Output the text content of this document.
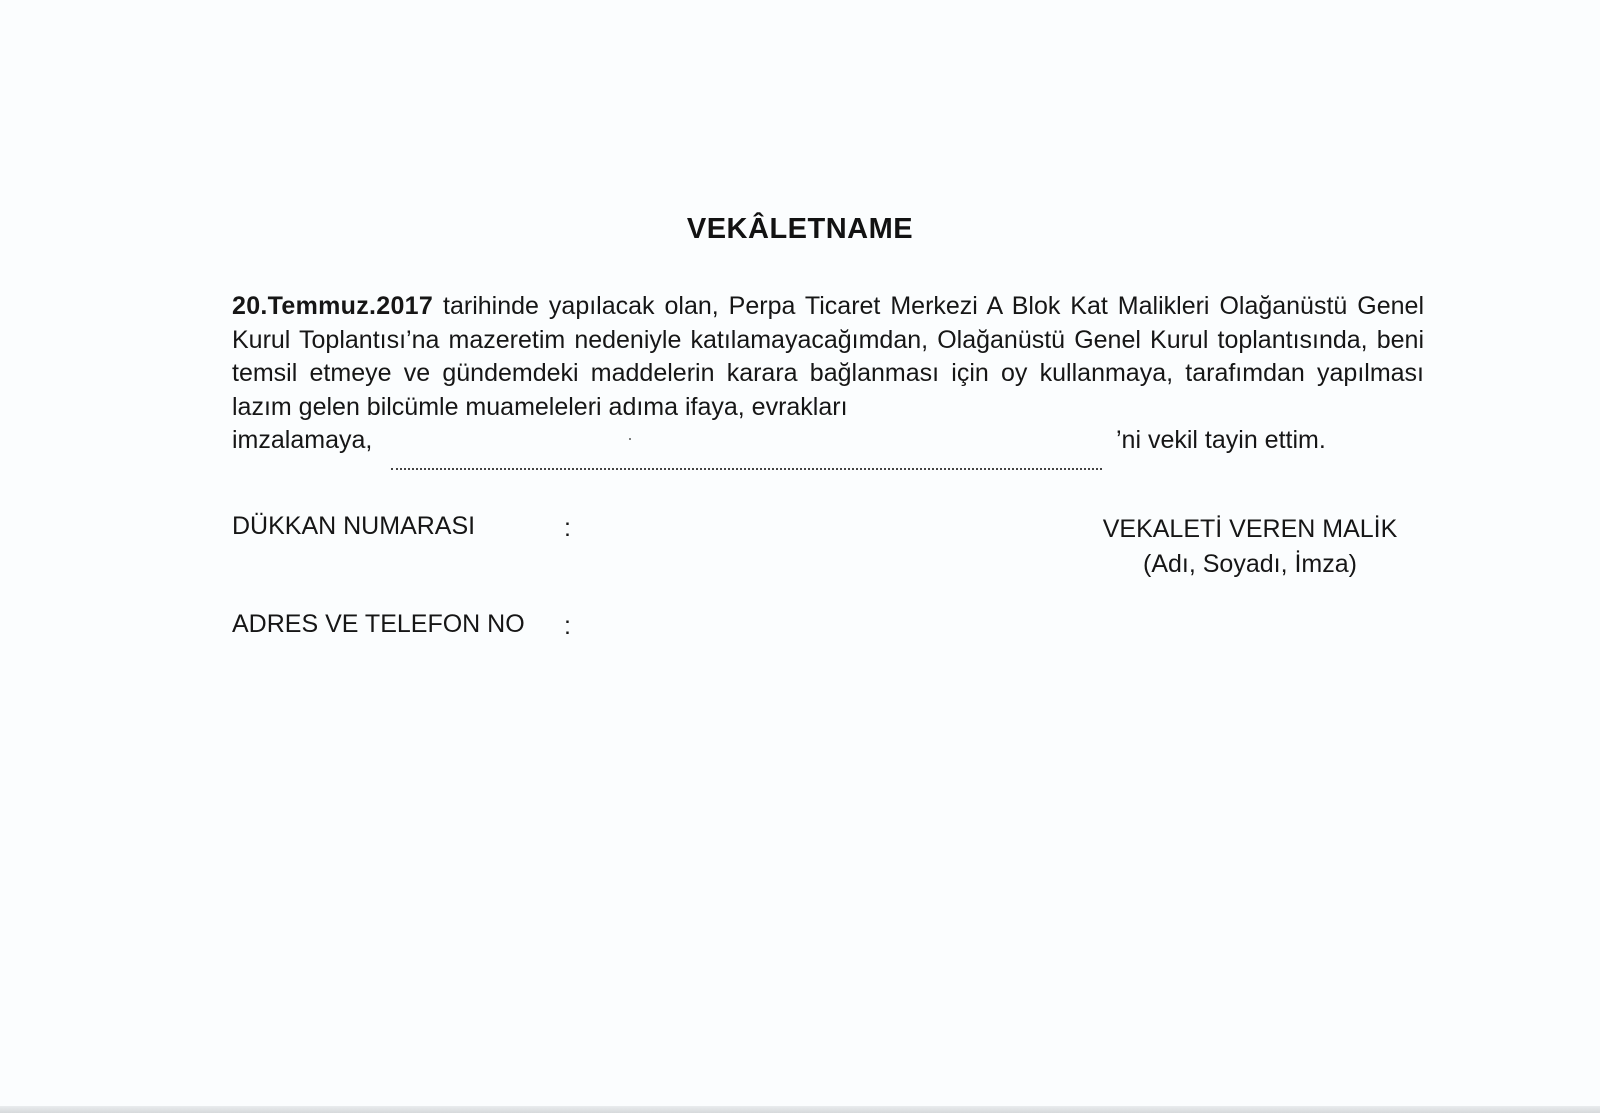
VEKÂLETNAME
20.Temmuz.2017 tarihinde yapılacak olan, Perpa Ticaret Merkezi A Blok Kat Malikleri Olağanüstü Genel Kurul Toplantısı’na mazeretim nedeniyle katılamayacağımdan, Olağanüstü Genel Kurul toplantısında, beni temsil etmeye ve gündemdeki maddelerin karara bağlanması için oy kullanmaya, tarafımdan yapılması lazım gelen bilcümle muameleleri adıma ifaya, evrakları
imzalamaya,	’ni vekil tayin ettim.
DÜKKAN NUMARASI	:	VEKALETİ VEREN MALİK
(Adı, Soyadı, İmza)
ADRES VE TELEFON NO :
